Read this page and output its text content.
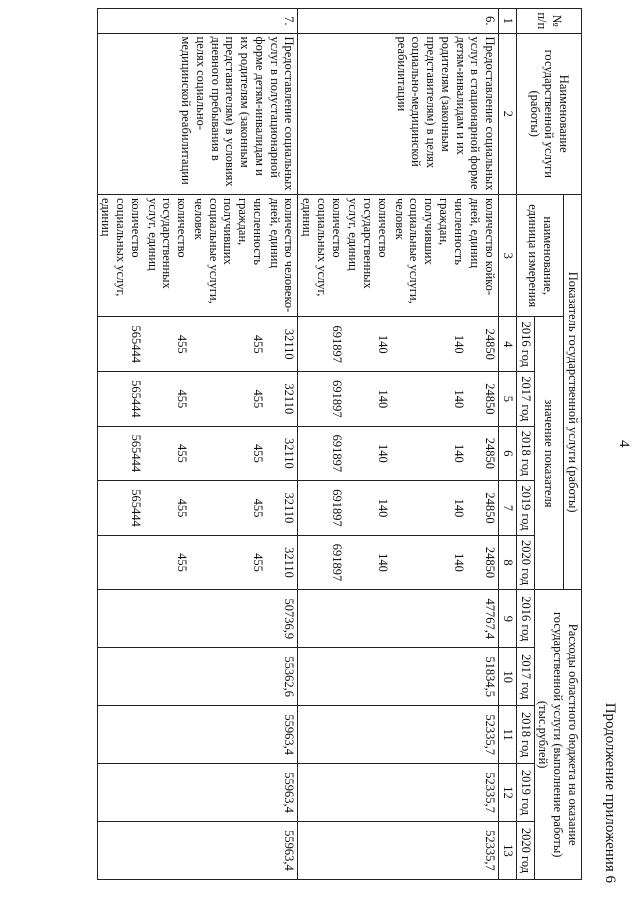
4
Продолжение приложения 6
№ п/п	Наименование государственной услуги (работы)	Показатель государственной услуги (работы)						Расходы областного бюджета на оказание государственной услуги (выполнение работы) (тыс.рублей)				
		наименование, единица измерения	значение показателя									
			2016 год	2017 год	2018 год	2019 год	2020 год	2016 год	2017 год	2018 год	2019 год	2020 год
1	2	3	4	5	6	7	8	9	10	11	12	13
6.	Предоставление социальных услуг в стационарной форме детям-инвалидам и их родителям (законным представителям) в целях социально-медицинской реабилитации	количество койко-дней, единиц	24850	24850	24850	24850	24850	47767,4	51834,5	52335,7	52335,7	52335,7
		численность граждан, получивших социальные услуги, человек	140	140	140	140	140					
		количество государственных услуг, единиц	140	140	140	140	140					
		количество социальных услуг, единиц	691897	691897	691897	691897	691897					
7.	Предоставление социальных услуг в полустационарной форме детям-инвалидам и их родителям (законным представителям) в условиях дневного пребывания в целях социально-медицинской реабилитации	количество человеко-дней, единиц	32110	32110	32110	32110	32110	50736,9	55362,6	55963,4	55963,4	55963,4
		численность граждан, получивших социальные услуги, человек	455	455	455	455	455					
		количество государственных услуг, единиц	455	455	455	455	455					
		количество социальных услуг, единиц	565444	565444	565444	565444						
